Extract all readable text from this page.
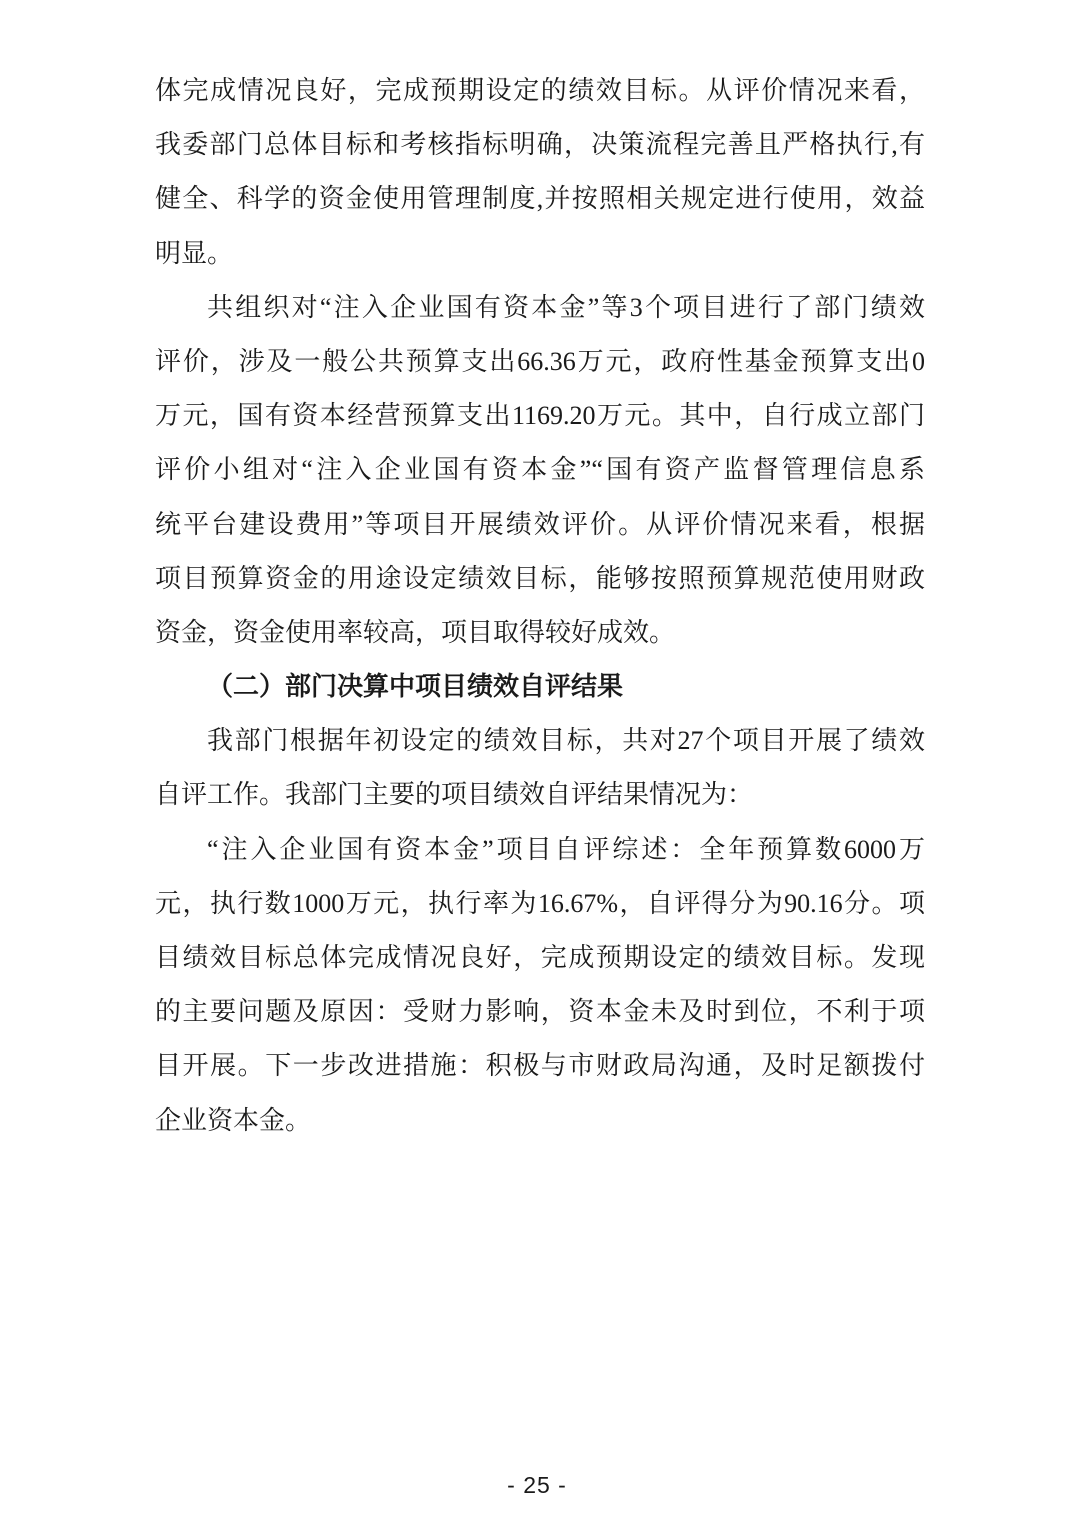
体完成情况良好，完成预期设定的绩效目标。从评价情况来看，
我委部门总体目标和考核指标明确，决策流程完善且严格执行,有
健全、科学的资金使用管理制度,并按照相关规定进行使用，效益
明显。
共组织对“注入企业国有资本金”等3个项目进行了部门绩效
评价，涉及一般公共预算支出66.36万元，政府性基金预算支出0
万元，国有资本经营预算支出1169.20万元。其中，自行成立部门
评价小组对“注入企业国有资本金”“国有资产监督管理信息系
统平台建设费用”等项目开展绩效评价。从评价情况来看，根据
项目预算资金的用途设定绩效目标，能够按照预算规范使用财政
资金，资金使用率较高，项目取得较好成效。
（二）部门决算中项目绩效自评结果
我部门根据年初设定的绩效目标，共对27个项目开展了绩效
自评工作。我部门主要的项目绩效自评结果情况为：
“注入企业国有资本金”项目自评综述：全年预算数6000万
元，执行数1000万元，执行率为16.67%，自评得分为90.16分。项
目绩效目标总体完成情况良好，完成预期设定的绩效目标。发现
的主要问题及原因：受财力影响，资本金未及时到位，不利于项
目开展。下一步改进措施：积极与市财政局沟通，及时足额拨付
企业资本金。
- 25 -
